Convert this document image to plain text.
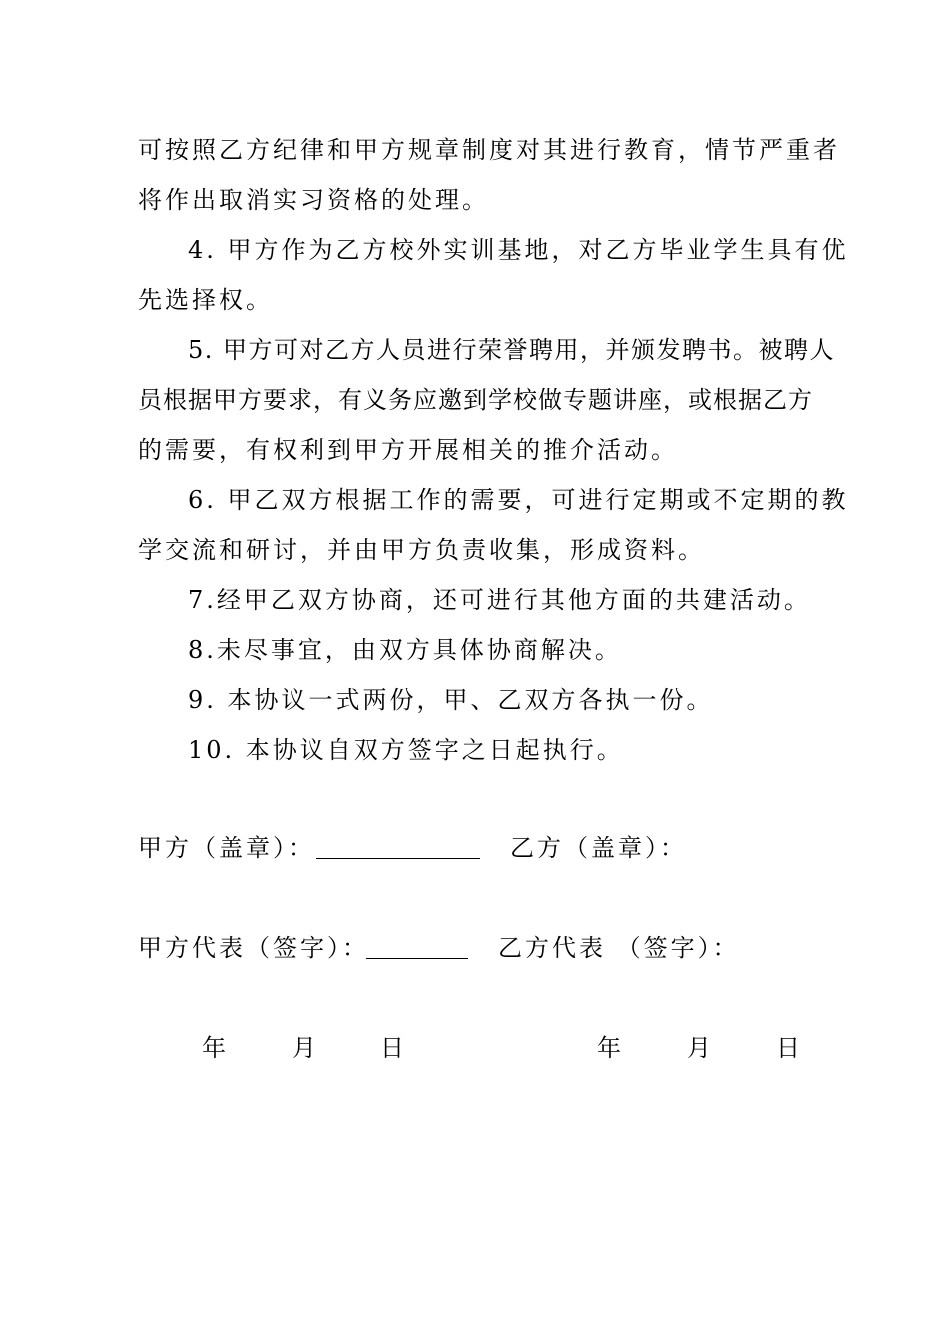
可按照乙方纪律和甲方规章制度对其进行教育，情节严重者
将作出取消实习资格的处理。
4. 甲方作为乙方校外实训基地，对乙方毕业学生具有优
先选择权。
5. 甲方可对乙方人员进行荣誉聘用，并颁发聘书。被聘人
员根据甲方要求，有义务应邀到学校做专题讲座，或根据乙方
的需要，有权利到甲方开展相关的推介活动。
6. 甲乙双方根据工作的需要，可进行定期或不定期的教
学交流和研讨，并由甲方负责收集，形成资料。
7.经甲乙双方协商，还可进行其他方面的共建活动。
8.未尽事宜，由双方具体协商解决。
9. 本协议一式两份，甲、乙双方各执一份。
10. 本协议自双方签字之日起执行。
甲方（盖章）：	乙方（盖章）：
甲方代表（签字）：	乙方代表 （签字）：
年	月	日	年	月	日
